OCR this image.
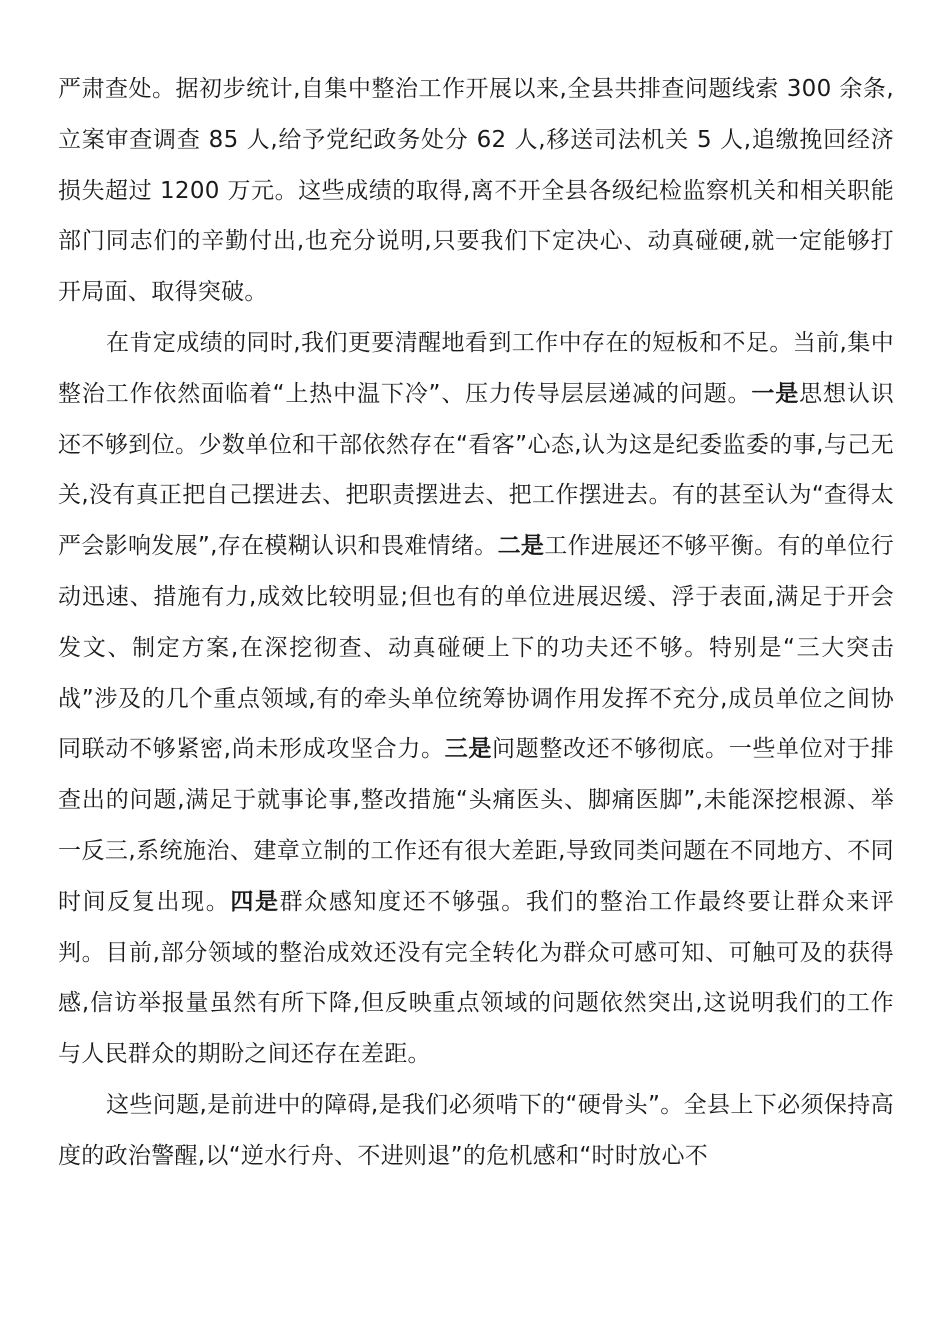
严肃查处。据初步统计,自集中整治工作开展以来,全县共排查问题线索 300 余条,立案审查调查 85 人,给予党纪政务处分 62 人,移送司法机关 5 人,追缴挽回经济损失超过 1200 万元。这些成绩的取得,离不开全县各级纪检监察机关和相关职能部门同志们的辛勤付出,也充分说明,只要我们下定决心、动真碰硬,就一定能够打开局面、取得突破。

在肯定成绩的同时,我们更要清醒地看到工作中存在的短板和不足。当前,集中整治工作依然面临着“上热中温下冷”、压力传导层层递减的问题。一是思想认识还不够到位。少数单位和干部依然存在“看客”心态,认为这是纪委监委的事,与己无关,没有真正把自己摆进去、把职责摆进去、把工作摆进去。有的甚至认为“查得太严会影响发展”,存在模糊认识和畏难情绪。二是工作进展还不够平衡。有的单位行动迅速、措施有力,成效比较明显;但也有的单位进展迟缓、浮于表面,满足于开会发文、制定方案,在深挖彻查、动真碰硬上下的功夫还不够。特别是“三大突击战”涉及的几个重点领域,有的牵头单位统筹协调作用发挥不充分,成员单位之间协同联动不够紧密,尚未形成攻坚合力。三是问题整改还不够彻底。一些单位对于排查出的问题,满足于就事论事,整改措施“头痛医头、脚痛医脚”,未能深挖根源、举一反三,系统施治、建章立制的工作还有很大差距,导致同类问题在不同地方、不同时间反复出现。四是群众感知度还不够强。我们的整治工作最终要让群众来评判。目前,部分领域的整治成效还没有完全转化为群众可感可知、可触可及的获得感,信访举报量虽然有所下降,但反映重点领域的问题依然突出,这说明我们的工作与人民群众的期盼之间还存在差距。

这些问题,是前进中的障碍,是我们必须啃下的“硬骨头”。全县上下必须保持高度的政治警醒,以“逆水行舟、不进则退”的危机感和“时时放心不
